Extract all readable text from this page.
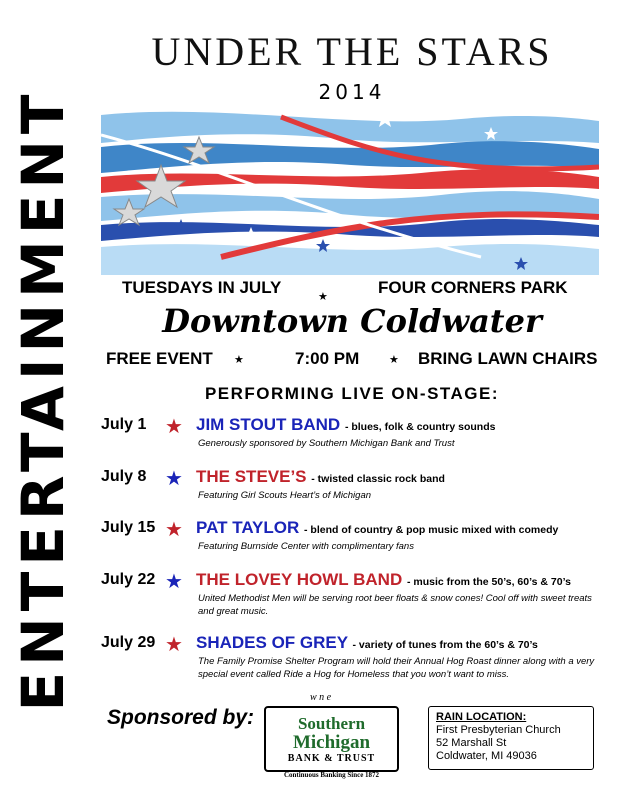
ENTERTAINMENT
UNDER THE STARS
2014
TUESDAYS IN JULY	★	FOUR CORNERS PARK
Downtown Coldwater
FREE EVENT ★	7:00 PM	★ BRING LAWN CHAIRS
PERFORMING LIVE ON-STAGE:
July 1 ★ JIM STOUT BAND - blues, folk & country sounds
Generously sponsored by Southern Michigan Bank and Trust
July 8 ★ THE STEVE’S - twisted classic rock band
Featuring Girl Scouts Heart’s of Michigan
July 15 ★ PAT TAYLOR - blend of country & pop music mixed with comedy
Featuring Burnside Center with complimentary fans
July 22 ★ THE LOVEY HOWL BAND - music from the 50’s, 60’s & 70’s
United Methodist Men will be serving root beer floats & snow cones! Cool off with sweet treats and great music.
July 29 ★ SHADES OF GREY - variety of tunes from the 60’s & 70’s
The Family Promise Shelter Program will hold their Annual Hog Roast dinner along with a very special event called Ride a Hog for Homeless that you won’t want to miss.
Sponsored by:
w n e
Southern
Michigan
BANK & TRUST
Continuous Banking Since 1872
RAIN LOCATION:
First Presbyterian Church
52 Marshall St
Coldwater, MI 49036
